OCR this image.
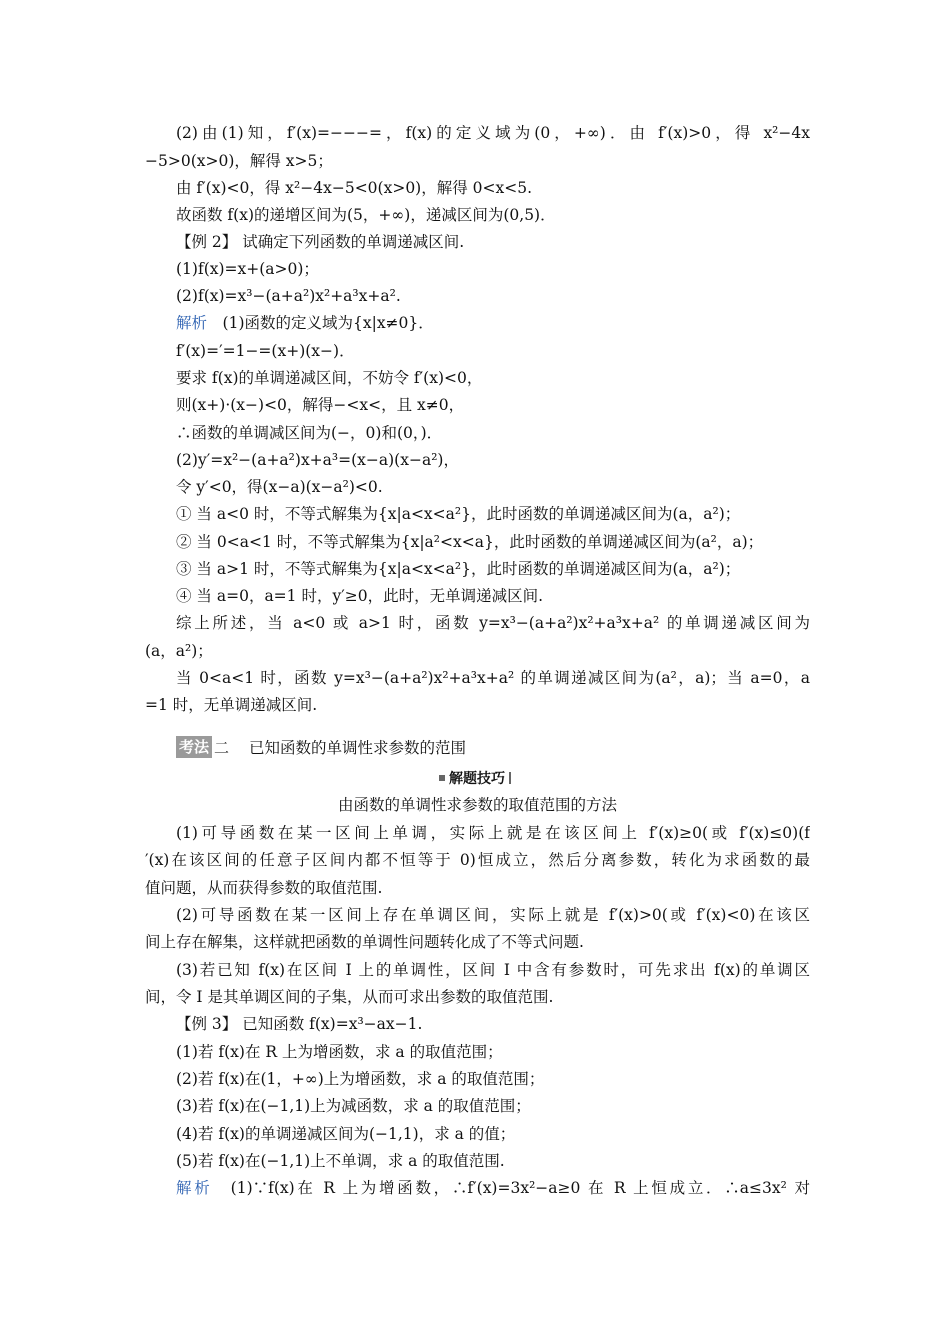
(2)由(1)知，f′(x)=−−−=，f(x)的定义域为(0，+∞)．由 f′(x)>0，得 x²−4x
−5>0(x>0)，解得 x>5；
由 f′(x)<0，得 x²−4x−5<0(x>0)，解得 0<x<5.
故函数 f(x)的递增区间为(5，+∞)，递减区间为(0,5)．
【例 2】 试确定下列函数的单调递减区间.
(1)f(x)=x+(a>0)；
(2)f(x)=x³−(a+a²)x²+a³x+a².
解析　 (1)函数的定义域为{x|x≠0}．
f′(x)=′=1−=(x+)(x−)．
要求 f(x)的单调递减区间，不妨令 f′(x)<0，
则(x+)·(x−)<0，解得−<x<，且 x≠0，
∴函数的单调减区间为(−，0)和(0，)．
(2)y′=x²−(a+a²)x+a³=(x−a)(x−a²)，
令 y′<0，得(x−a)(x−a²)<0.
① 当 a<0 时，不等式解集为{x|a<x<a²}，此时函数的单调递减区间为(a，a²)；
② 当 0<a<1 时，不等式解集为{x|a²<x<a}，此时函数的单调递减区间为(a²，a)；
③ 当 a>1 时，不等式解集为{x|a<x<a²}，此时函数的单调递减区间为(a，a²)；
④ 当 a=0，a=1 时，y′≥0，此时，无单调递减区间.
综上所述，当 a<0 或 a>1 时，函数 y=x³−(a+a²)x²+a³x+a² 的单调递减区间为
(a，a²)；
当 0<a<1 时，函数 y=x³−(a+a²)x²+a³x+a² 的单调递减区间为(a²，a)；当 a=0，a
=1 时，无单调递减区间.
考法 二 已知函数的单调性求参数的范围
解题技巧
由函数的单调性求参数的取值范围的方法
(1)可导函数在某一区间上单调，实际上就是在该区间上 f′(x)≥0(或 f′(x)≤0)(f
′(x)在该区间的任意子区间内都不恒等于 0)恒成立，然后分离参数，转化为求函数的最
值问题，从而获得参数的取值范围.
(2)可导函数在某一区间上存在单调区间，实际上就是 f′(x)>0(或 f′(x)<0)在该区
间上存在解集，这样就把函数的单调性问题转化成了不等式问题.
(3)若已知 f(x)在区间 I 上的单调性，区间 I 中含有参数时，可先求出 f(x)的单调区
间，令 I 是其单调区间的子集，从而可求出参数的取值范围.
【例 3】 已知函数 f(x)=x³−ax−1.
(1)若 f(x)在 R 上为增函数，求 a 的取值范围；
(2)若 f(x)在(1，+∞)上为增函数，求 a 的取值范围；
(3)若 f(x)在(−1,1)上为减函数，求 a 的取值范围；
(4)若 f(x)的单调递减区间为(−1,1)，求 a 的值；
(5)若 f(x)在(−1,1)上不单调，求 a 的取值范围.
解析　 (1)∵f(x)在 R 上为增函数，∴f′(x)=3x²−a≥0 在 R 上恒成立．∴a≤3x² 对
